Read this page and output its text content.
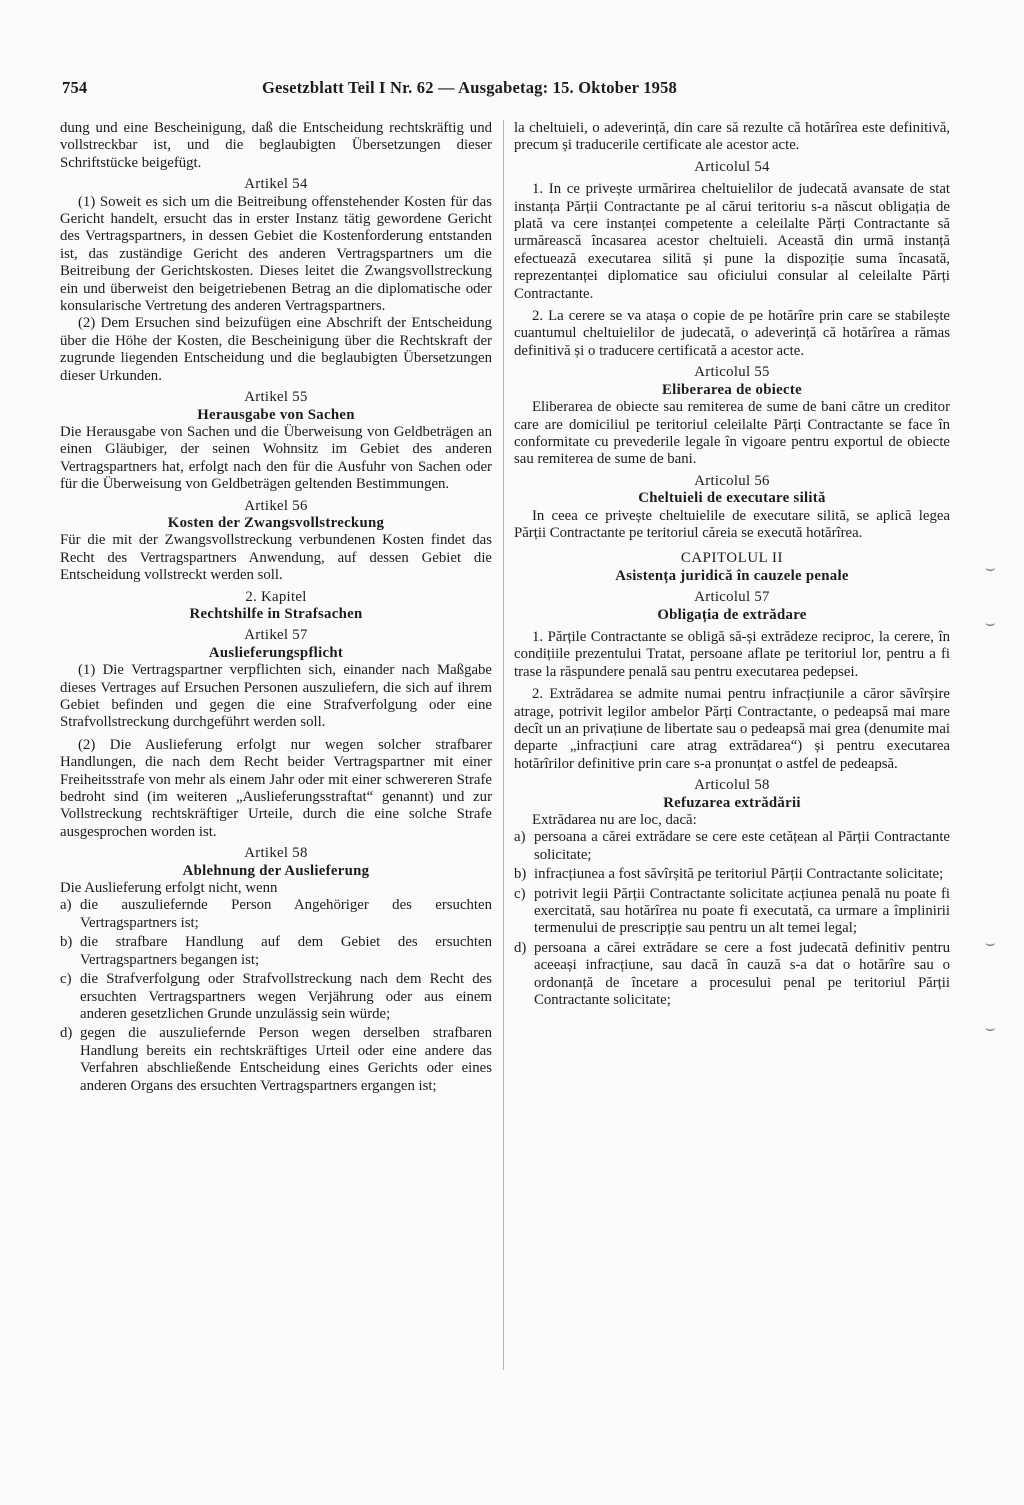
754	Gesetzblatt Teil I Nr. 62 — Ausgabetag: 15. Oktober 1958

dung und eine Bescheinigung, daß die Entscheidung rechtskräftig und vollstreckbar ist, und die beglaubigten Übersetzungen dieser Schriftstücke beigefügt.

Artikel 54

(1) Soweit es sich um die Beitreibung offenstehender Kosten für das Gericht handelt, ersucht das in erster Instanz tätig gewordene Gericht des Vertragspartners, in dessen Gebiet die Kostenforderung entstanden ist, das zuständige Gericht des anderen Vertragspartners um die Beitreibung der Gerichtskosten. Dieses leitet die Zwangsvollstreckung ein und überweist den beigetriebenen Betrag an die diplomatische oder konsularische Vertretung des anderen Vertragspartners.

(2) Dem Ersuchen sind beizufügen eine Abschrift der Entscheidung über die Höhe der Kosten, die Bescheinigung über die Rechtskraft der zugrunde liegenden Entscheidung und die beglaubigten Übersetzungen dieser Urkunden.

Artikel 55
Herausgabe von Sachen

Die Herausgabe von Sachen und die Überweisung von Geldbeträgen an einen Gläubiger, der seinen Wohnsitz im Gebiet des anderen Vertragspartners hat, erfolgt nach den für die Ausfuhr von Sachen oder für die Überweisung von Geldbeträgen geltenden Bestimmungen.

Artikel 56
Kosten der Zwangsvollstreckung

Für die mit der Zwangsvollstreckung verbundenen Kosten findet das Recht des Vertragspartners Anwendung, auf dessen Gebiet die Entscheidung vollstreckt werden soll.

2. Kapitel
Rechtshilfe in Strafsachen
Artikel 57
Auslieferungspflicht

(1) Die Vertragspartner verpflichten sich, einander nach Maßgabe dieses Vertrages auf Ersuchen Personen auszuliefern, die sich auf ihrem Gebiet befinden und gegen die eine Strafverfolgung oder eine Strafvollstreckung durchgeführt werden soll.

(2) Die Auslieferung erfolgt nur wegen solcher strafbarer Handlungen, die nach dem Recht beider Vertragspartner mit einer Freiheitsstrafe von mehr als einem Jahr oder mit einer schwereren Strafe bedroht sind (im weiteren „Auslieferungsstraftat“ genannt) und zur Vollstreckung rechtskräftiger Urteile, durch die eine solche Strafe ausgesprochen worden ist.

Artikel 58
Ablehnung der Auslieferung

Die Auslieferung erfolgt nicht, wenn

a) die auszuliefernde Person Angehöriger des ersuchten Vertragspartners ist;
b) die strafbare Handlung auf dem Gebiet des ersuchten Vertragspartners begangen ist;
c) die Strafverfolgung oder Strafvollstreckung nach dem Recht des ersuchten Vertragspartners wegen Verjährung oder aus einem anderen gesetzlichen Grunde unzulässig sein würde;
d) gegen die auszuliefernde Person wegen derselben strafbaren Handlung bereits ein rechtskräftiges Urteil oder eine andere das Verfahren abschließende Entscheidung eines Gerichts oder eines anderen Organs des ersuchten Vertragspartners ergangen ist;

la cheltuieli, o adeverință, din care să rezulte că hotărîrea este definitivă, precum și traducerile certificate ale acestor acte.

Articolul 54

1. In ce privește urmărirea cheltuielilor de judecată avansate de stat instanța Părții Contractante pe al cărui teritoriu s-a născut obligația de plată va cere instanței competente a celeilalte Părți Contractante să urmărească încasarea acestor cheltuieli. Această din urmă instanță efectuează executarea silită și pune la dispoziție suma încasată, reprezentanței diplomatice sau oficiului consular al celeilalte Părți Contractante.

2. La cerere se va atașa o copie de pe hotărîre prin care se stabilește cuantumul cheltuielilor de judecată, o adeverință că hotărîrea a rămas definitivă și o traducere certificată a acestor acte.

Articolul 55
Eliberarea de obiecte

Eliberarea de obiecte sau remiterea de sume de bani către un creditor care are domiciliul pe teritoriul celeilalte Părți Contractante se face în conformitate cu prevederile legale în vigoare pentru exportul de obiecte sau remiterea de sume de bani.

Articolul 56
Cheltuieli de executare silită

In ceea ce privește cheltuielile de executare silită, se aplică legea Părții Contractante pe teritoriul căreia se execută hotărîrea.

CAPITOLUL II
Asistența juridică în cauzele penale
Articolul 57
Obligația de extrădare

1. Părțile Contractante se obligă să-și extrădeze reciproc, la cerere, în condițiile prezentului Tratat, persoane aflate pe teritoriul lor, pentru a fi trase la răspundere penală sau pentru executarea pedepsei.

2. Extrădarea se admite numai pentru infracțiunile a căror săvîrșire atrage, potrivit legilor ambelor Părți Contractante, o pedeapsă mai mare decît un an privațiune de libertate sau o pedeapsă mai grea (denumite mai departe „infracțiuni care atrag extrădarea“) și pentru executarea hotărîrilor definitive prin care s-a pronunțat o astfel de pedeapsă.

Articolul 58
Refuzarea extrădării

Extrădarea nu are loc, dacă:

a) persoana a cărei extrădare se cere este cetățean al Părții Contractante solicitate;
b) infracțiunea a fost săvîrșită pe teritoriul Părții Contractante solicitate;
c) potrivit legii Părții Contractante solicitate acțiunea penală nu poate fi exercitată, sau hotărîrea nu poate fi executată, ca urmare a împlinirii termenului de prescripție sau pentru un alt temei legal;
d) persoana a cărei extrădare se cere a fost judecată definitiv pentru aceeași infracțiune, sau dacă în cauză s-a dat o hotărîre sau o ordonanță de încetare a procesului penal pe teritoriul Părții Contractante solicitate;
⌣
⌣
⌣
⌣
